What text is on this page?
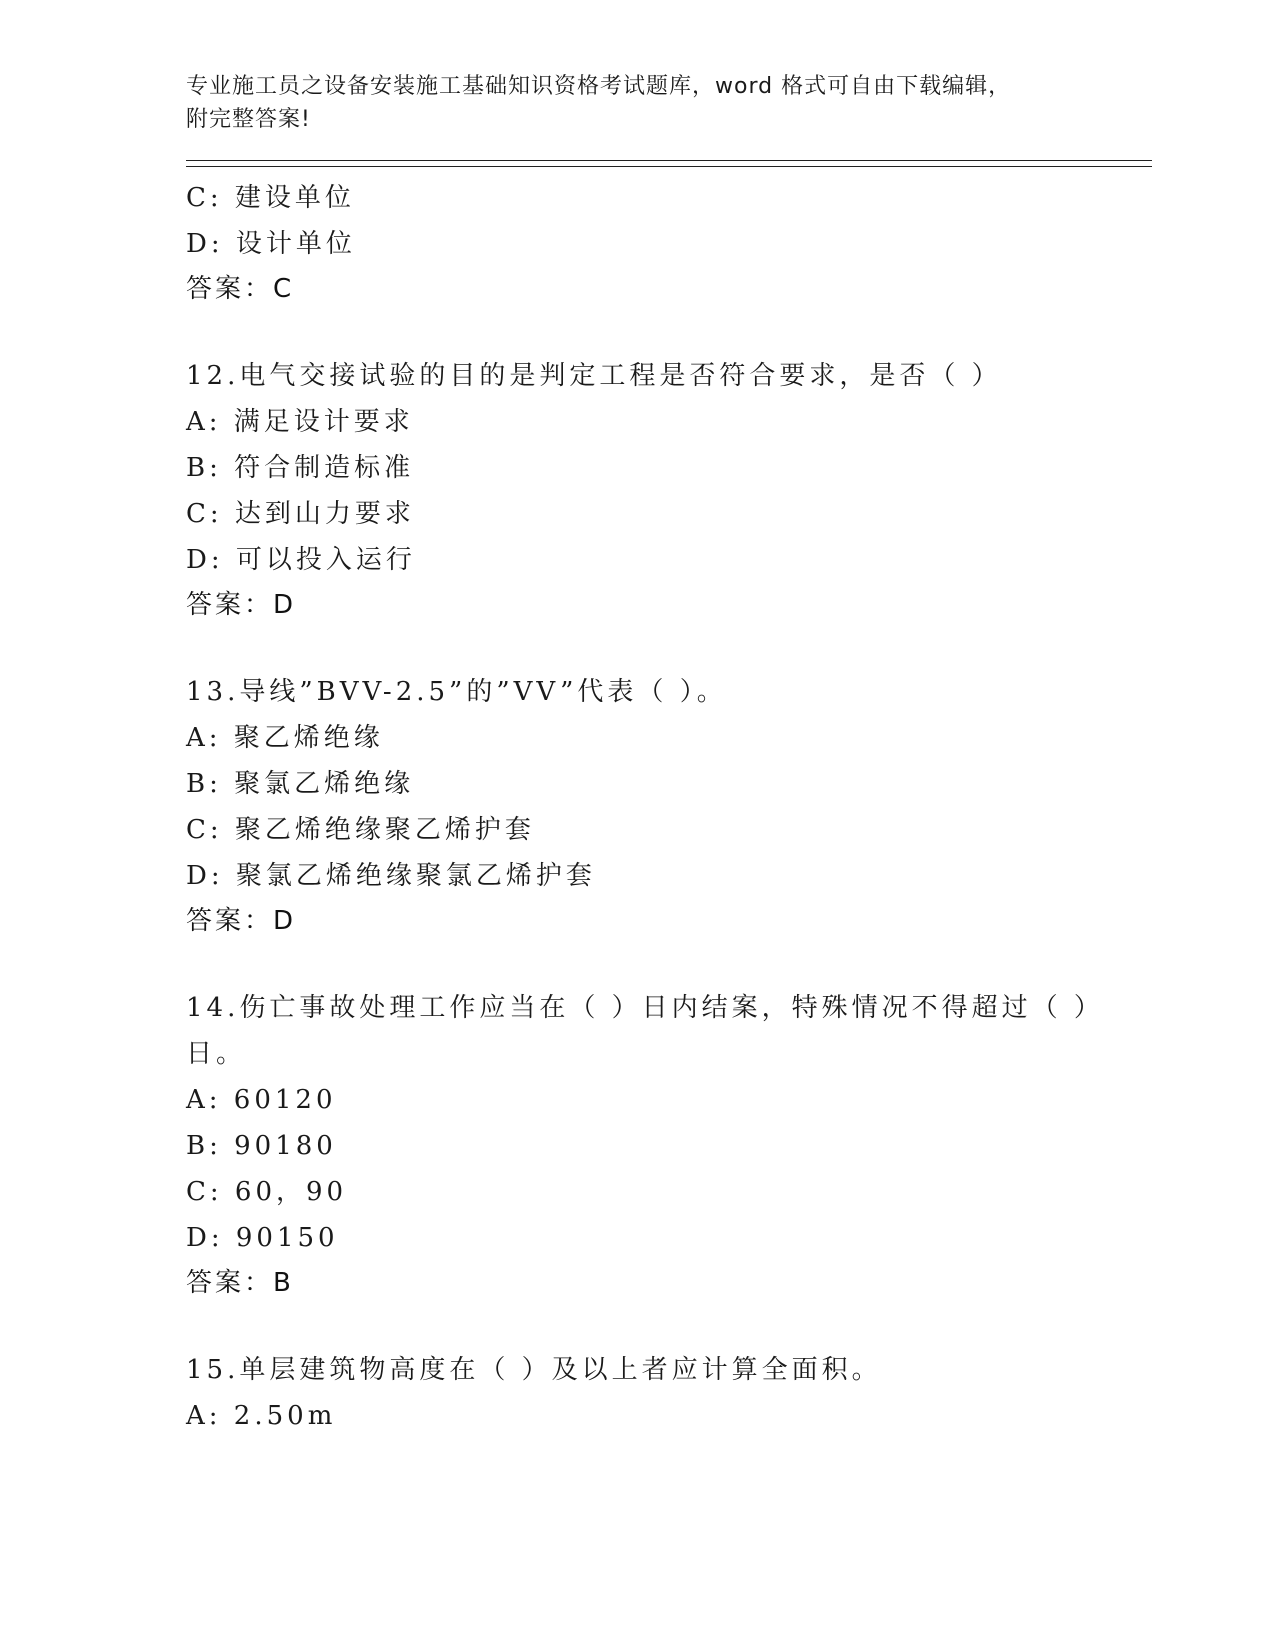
专业施工员之设备安装施工基础知识资格考试题库，word 格式可自由下载编辑，
附完整答案!
C: 建设单位
D: 设计单位
答案：C
12.电气交接试验的目的是判定工程是否符合要求，是否（ ）
A: 满足设计要求
B: 符合制造标准
C: 达到山力要求
D: 可以投入运行
答案：D
13.导线”BVV-2.5”的”VV”代表（ ）。
A: 聚乙烯绝缘
B: 聚氯乙烯绝缘
C: 聚乙烯绝缘聚乙烯护套
D: 聚氯乙烯绝缘聚氯乙烯护套
答案：D
14.伤亡事故处理工作应当在（ ）日内结案，特殊情况不得超过（ ）
日。
A: 60120
B: 90180
C: 60，90
D: 90150
答案：B
15.单层建筑物高度在（ ）及以上者应计算全面积。
A: 2.50m
